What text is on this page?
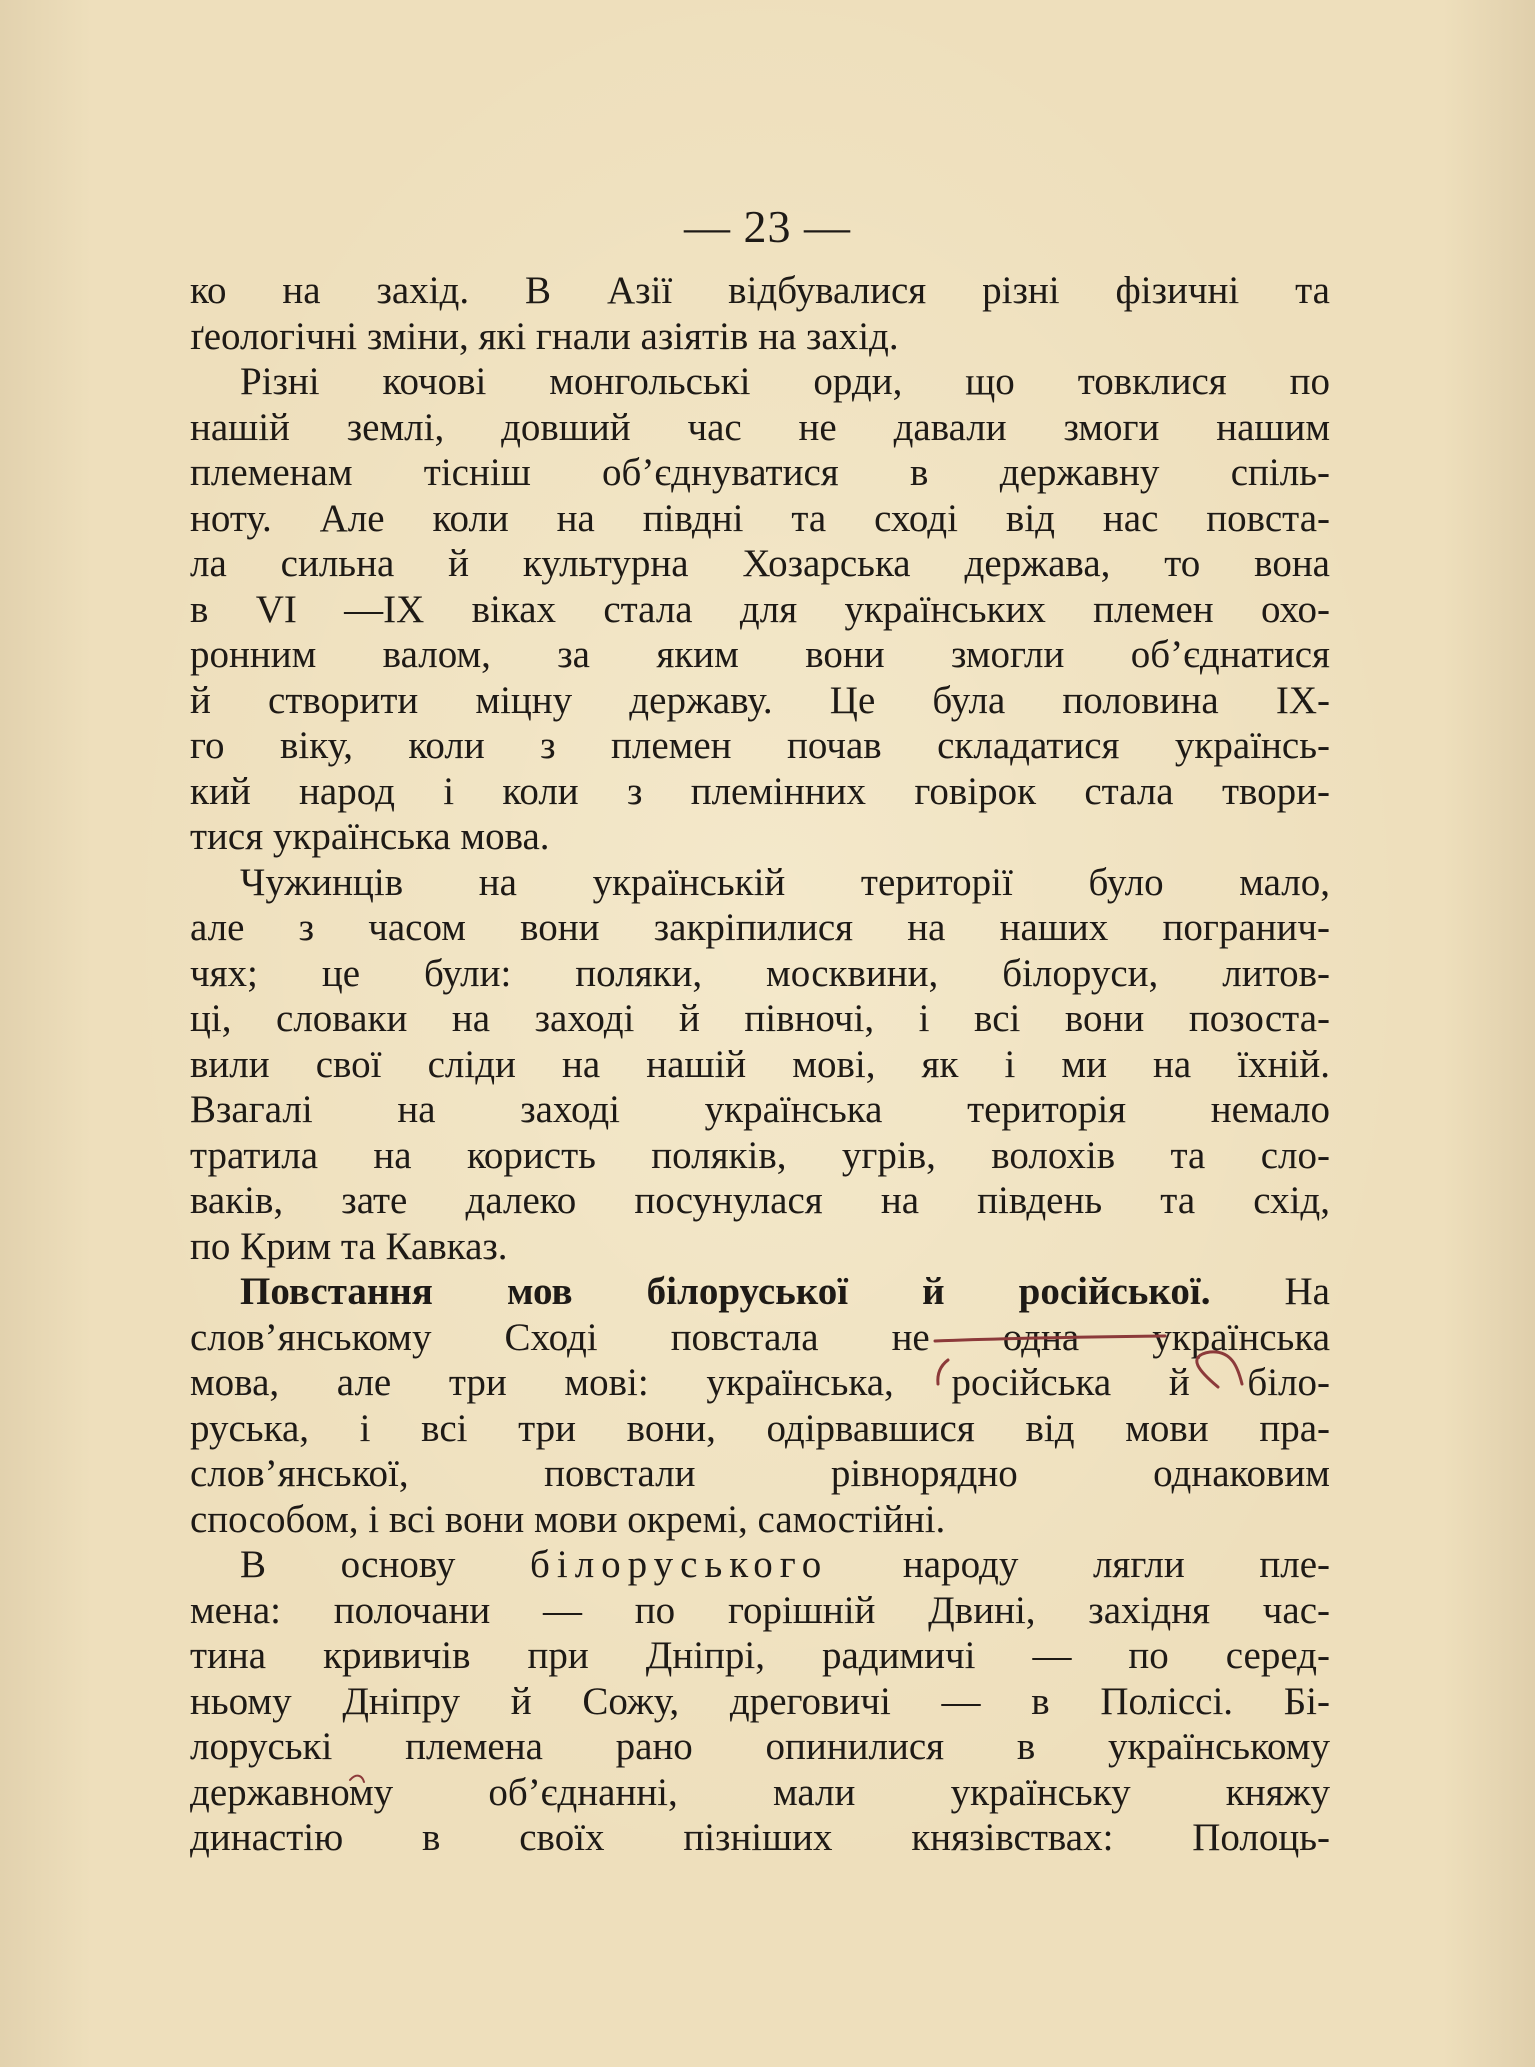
— 23 —
ко на захід. В Азії відбувалися різні фізичні та
ґеологічні зміни, які гнали азіятів на захід.
Різні кочові монгольські орди, що товклися по
нашій землі, довший час не давали змоги нашим
племенам тісніш об’єднуватися в державну спіль-
ноту. Але коли на півдні та сході від нас повста-
ла сильна й культурна Хозарська держава, то вона
в VI —IX віках стала для українських племен охо-
ронним валом, за яким вони змогли об’єднатися
й створити міцну державу. Це була половина IX-
го віку, коли з племен почав складатися українсь-
кий народ і коли з племінних говірок стала твори-
тися українська мова.
Чужинців на українській території було мало,
але з часом вони закріпилися на наших погранич-
чях; це були: поляки, москвини, білоруси, литов-
ці, словаки на заході й півночі, і всі вони позоста-
вили свої сліди на нашій мові, як і ми на їхній.
Взагалі на заході українська територія немало
тратила на користь поляків, угрів, волохів та сло-
ваків, зате далеко посунулася на південь та схід,
по Крим та Кавказ.
Повстання мов білоруської й російської. На
слов’янському Сході повстала не одна українська
мова, але три мові: українська, російська й біло-
руська, і всі три вони, одірвавшися від мови пра-
слов’янської, повстали рівнорядно однаковим
способом, і всі вони мови окремі, самостійні.
В основу білоруського народу лягли пле-
мена: полочани — по горішній Двині, західня час-
тина кривичів при Дніпрі, радимичі — по серед-
ньому Дніпру й Сожу, дреговичі — в Поліссі. Бі-
лоруські племена рано опинилися в українському
державному об’єднанні, мали українську княжу
династію в своїх пізніших князівствах: Полоць-
